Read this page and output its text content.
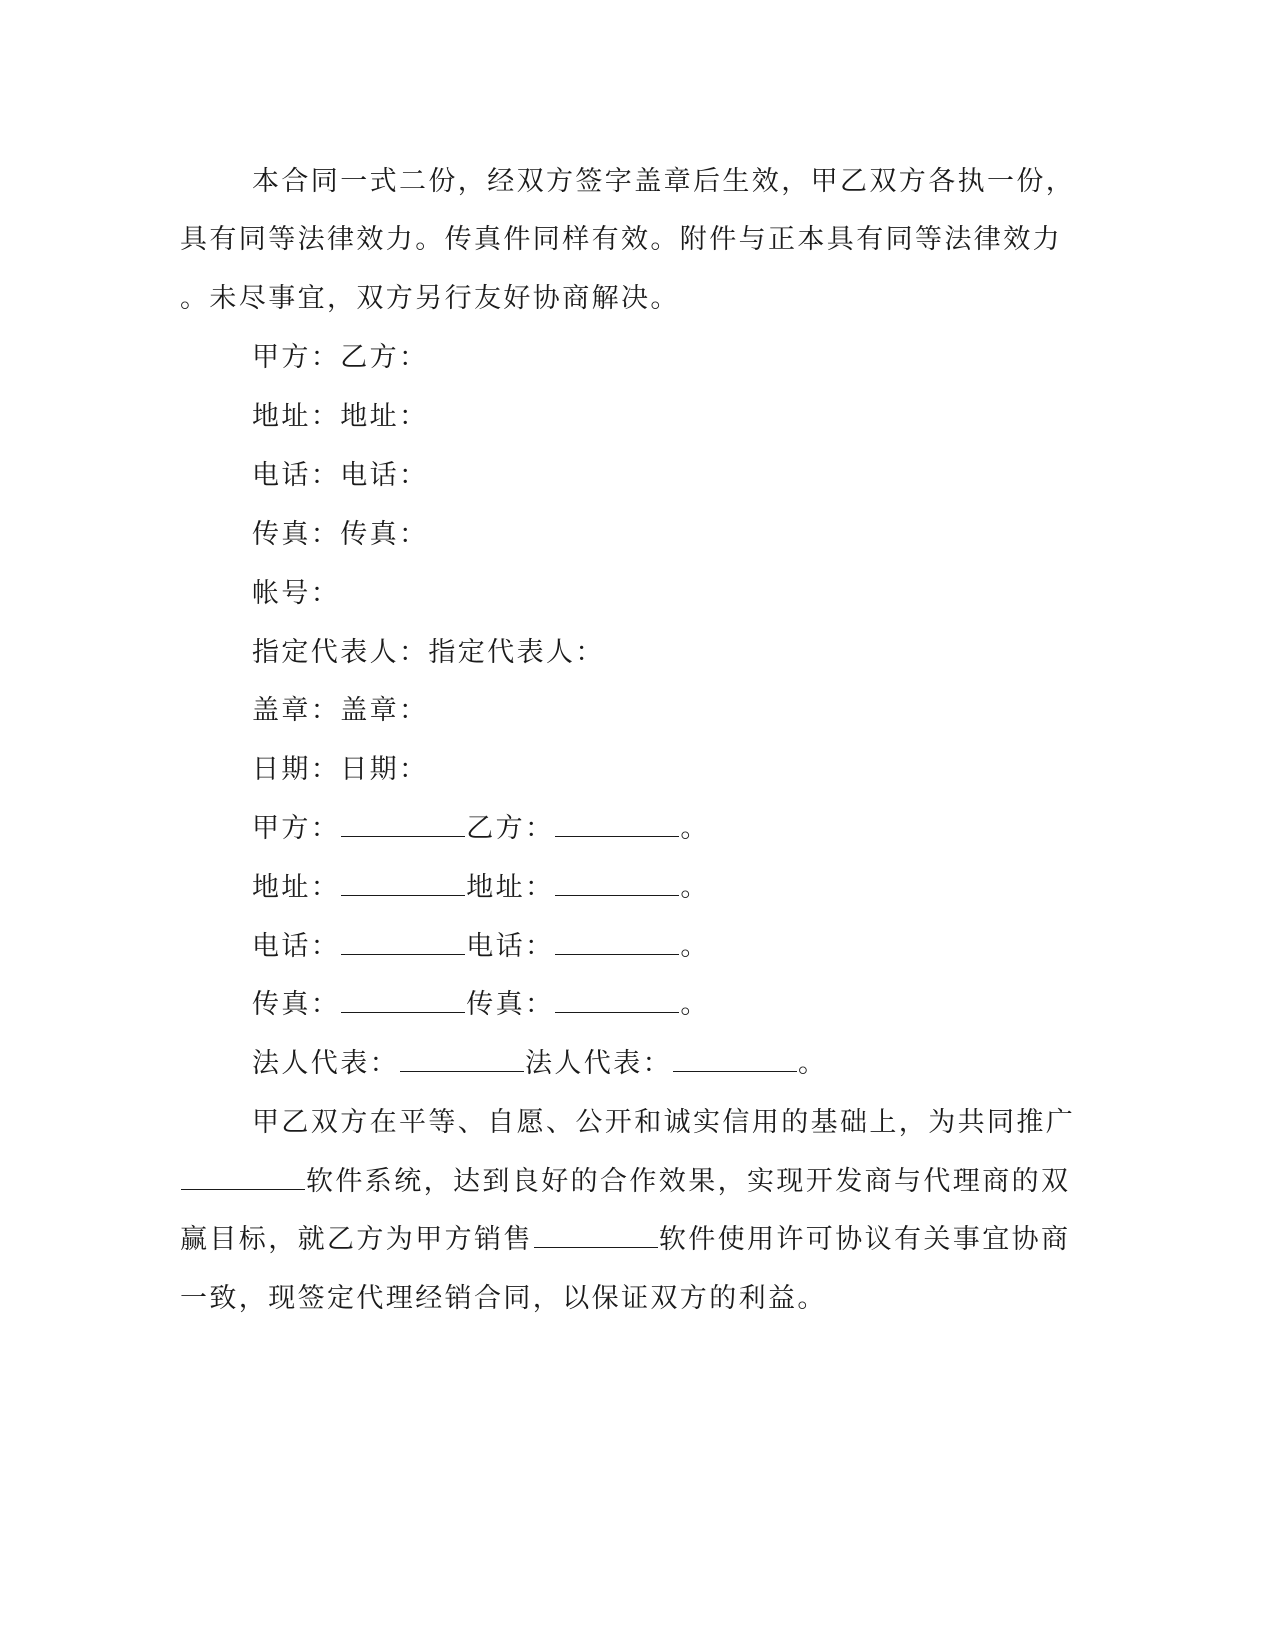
本合同一式二份，经双方签字盖章后生效，甲乙双方各执一份，
具有同等法律效力。传真件同样有效。附件与正本具有同等法律效力
。未尽事宜，双方另行友好协商解决。
甲方：乙方：
地址：地址：
电话：电话：
传真：传真：
帐号：
指定代表人：指定代表人：
盖章：盖章：
日期：日期：
甲方：	乙方：	。
地址：	地址：	。
电话：	电话：	。
传真：	传真：	。
法人代表：	法人代表：	。
甲乙双方在平等、自愿、公开和诚实信用的基础上，为共同推广
软件系统，达到良好的合作效果，实现开发商与代理商的双
赢目标，就乙方为甲方销售	软件使用许可协议有关事宜协商
一致，现签定代理经销合同，以保证双方的利益。
